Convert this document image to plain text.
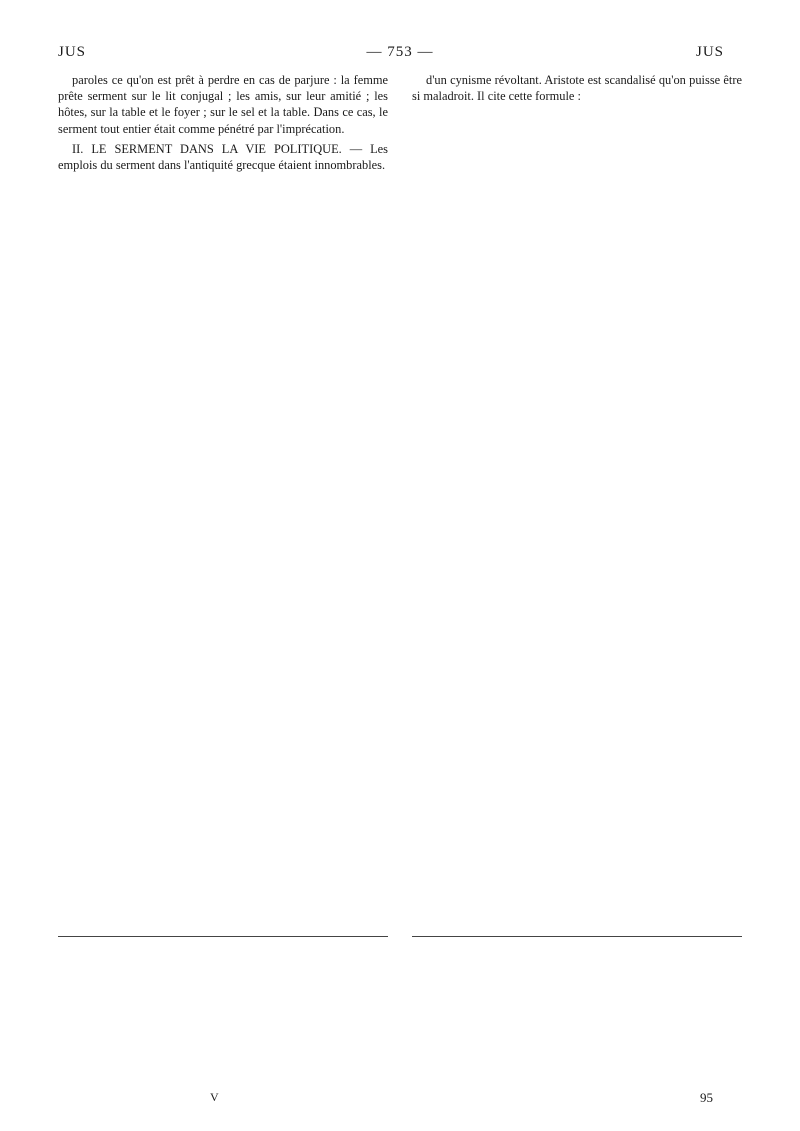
JUS	— 753 —	JUS

paroles ce qu'on est prêt à perdre en cas de parjure : la femme prête serment sur le lit conjugal ; les amis, sur leur amitié ; les hôtes, sur la table et le foyer ; sur le sel et la table. Dans ce cas, le serment tout entier était comme pénétré par l'imprécation.

II. LE SERMENT DANS LA VIE POLITIQUE. — Les emplois du serment dans l'antiquité grecque étaient innombrables.

d'un cynisme révoltant. Aristote est scandalisé qu'on puisse être si maladroit. Il cite cette formule :

V	95
